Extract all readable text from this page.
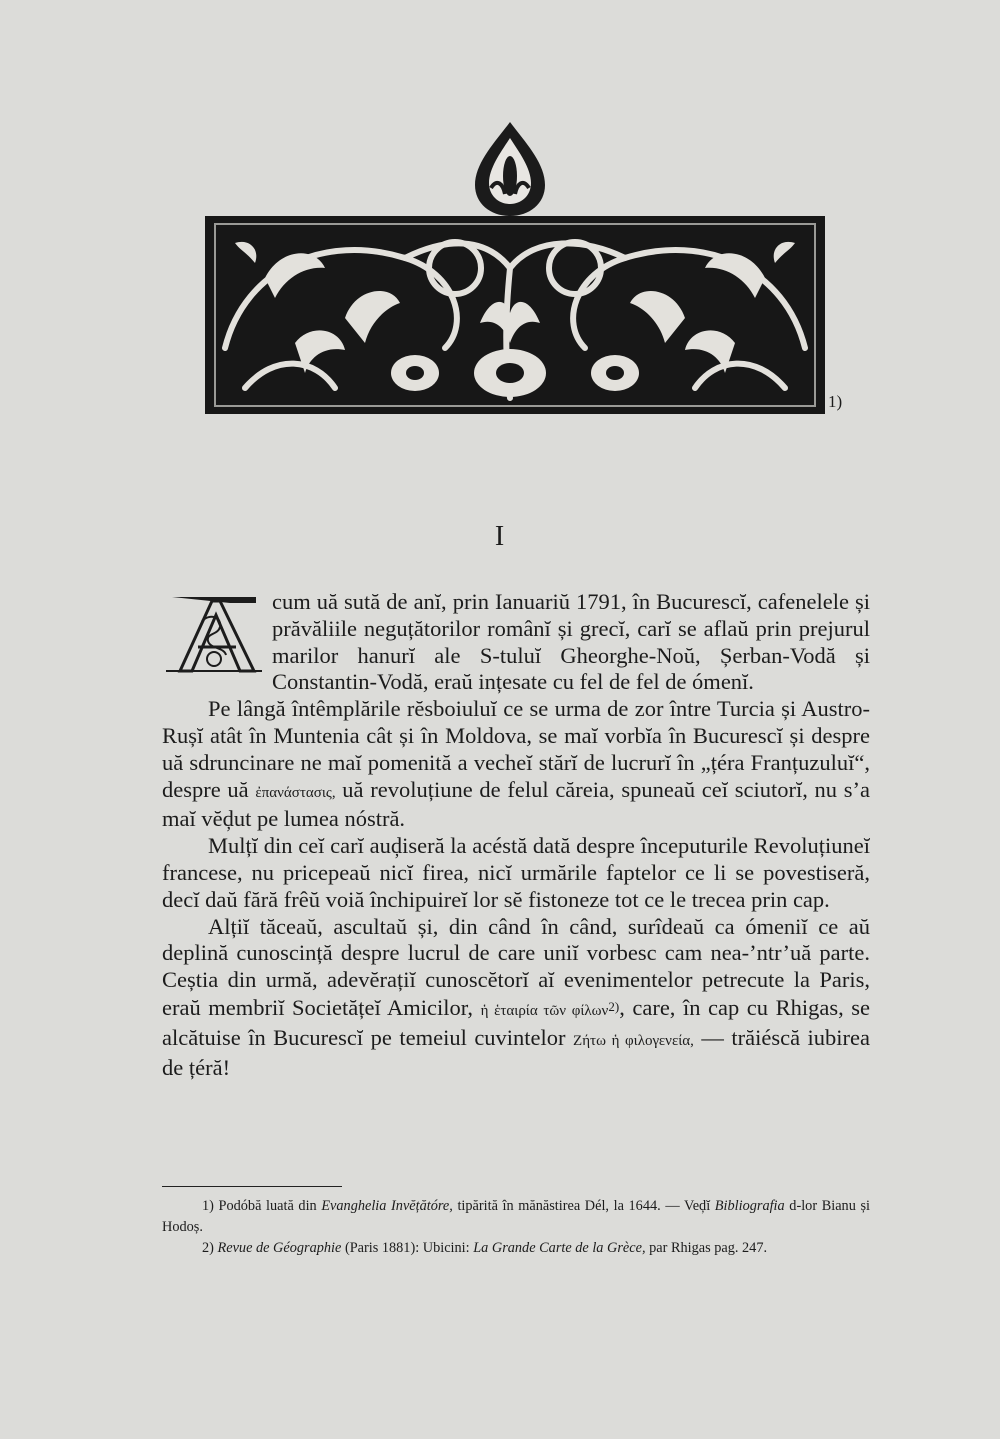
1)
I

cum uă sută de anĭ, prin Ianuariŭ 1791, în Bucurescĭ, cafenelele și prăvăliile neguțătorilor românĭ și grecĭ, carĭ se aflaŭ prin prejurul marilor hanurĭ ale S-tuluĭ Gheorghe-Noŭ, Șerban-Vodă și Constantin-Vodă, eraŭ ințesate cu fel de fel de ómenĭ.

Pe lângă întêmplările rĕsboiuluĭ ce se urma de zor între Turcia și Austro-Rușĭ atât în Muntenia cât și în Moldova, se maĭ vorbĭa în Bucurescĭ și despre uă sdruncinare ne maĭ pomenită a vecheĭ stărĭ de lucrurĭ în „țéra Franțuzuluĭ“, despre uă ἐπανάστασις, uă revoluțiune de felul căreia, spuneaŭ ceĭ sciutorĭ, nu s’a maĭ vĕḑut pe lumea nóstră.

Mulțĭ din ceĭ carĭ auḑiseră la acéstă dată despre începuturile Revoluțiuneĭ francese, nu pricepeaŭ nicĭ firea, nicĭ urmările faptelor ce li se povestiseră, decĭ daŭ fără frêŭ voiă închipuireĭ lor sĕ fistoneze tot ce le trecea prin cap.

Alțiĭ tăceaŭ, ascultaŭ și, din când în când, surîdeaŭ ca ómeniĭ ce aŭ deplină cunoscință despre lucrul de care uniĭ vorbesc cam nea-’ntr’uă parte. Ceștia din urmă, adevĕrațiĭ cunoscĕtorĭ aĭ evenimentelor petrecute la Paris, eraŭ membriĭ Societățeĭ Amicilor, ἡ ἑταιρία τῶν φίλων$^{2)}$, care, în cap cu Rhigas, se alcătuise în Bucurescĭ pe temeiul cuvintelor Ζήτω ἡ φιλογενεία, — trăiéscă iubirea de țéră!

1) Podóbă luată din Evanghelia Invĕțătóre, tipărită în mănăstirea Dél, la 1644. — Veḑĭ Bibliografia d-lor Bianu și Hodoș.

2) Revue de Géographie (Paris 1881): Ubicini: La Grande Carte de la Grèce, par Rhigas pag. 247.
